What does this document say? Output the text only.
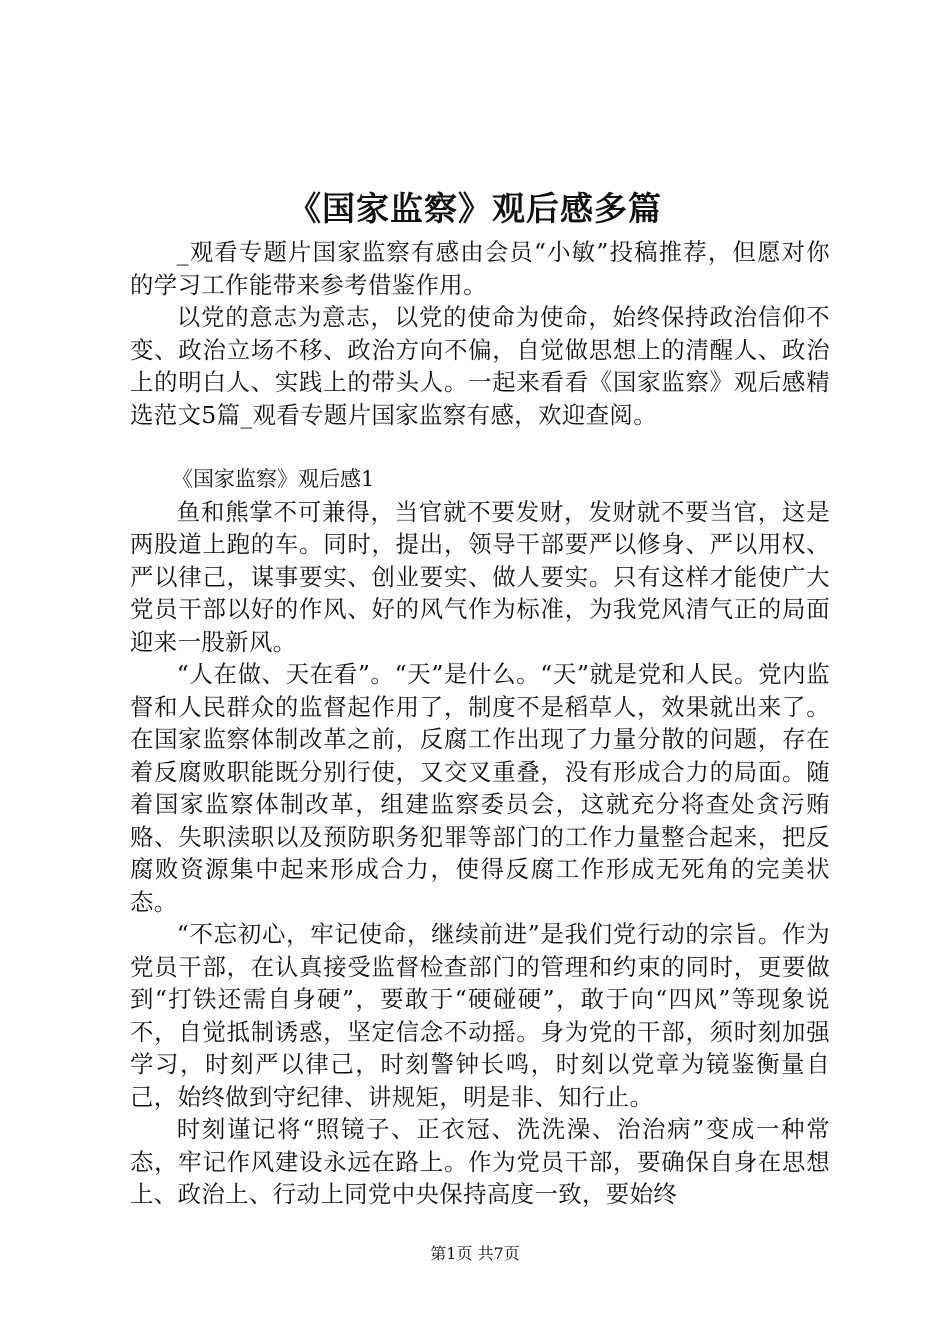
《国家监察》观后感多篇

_观看专题片国家监察有感由会员“小敏”投稿推荐，但愿对你的学习工作能带来参考借鉴作用。

以党的意志为意志，以党的使命为使命，始终保持政治信仰不变、政治立场不移、政治方向不偏，自觉做思想上的清醒人、政治上的明白人、实践上的带头人。一起来看看《国家监察》观后感精选范文5篇_观看专题片国家监察有感，欢迎查阅。

《国家监察》观后感1

鱼和熊掌不可兼得，当官就不要发财，发财就不要当官，这是两股道上跑的车。同时，提出，领导干部要严以修身、严以用权、严以律己，谋事要实、创业要实、做人要实。只有这样才能使广大党员干部以好的作风、好的风气作为标准，为我党风清气正的局面迎来一股新风。

“人在做、天在看”。“天”是什么。“天”就是党和人民。党内监督和人民群众的监督起作用了，制度不是稻草人，效果就出来了。在国家监察体制改革之前，反腐工作出现了力量分散的问题，存在着反腐败职能既分别行使，又交叉重叠，没有形成合力的局面。随着国家监察体制改革，组建监察委员会，这就充分将查处贪污贿赂、失职渎职以及预防职务犯罪等部门的工作力量整合起来，把反腐败资源集中起来形成合力，使得反腐工作形成无死角的完美状态。

“不忘初心，牢记使命，继续前进”是我们党行动的宗旨。作为党员干部，在认真接受监督检查部门的管理和约束的同时，更要做到“打铁还需自身硬”，要敢于“硬碰硬”，敢于向“四风”等现象说不，自觉抵制诱惑，坚定信念不动摇。身为党的干部，须时刻加强学习，时刻严以律己，时刻警钟长鸣，时刻以党章为镜鉴衡量自己，始终做到守纪律、讲规矩，明是非、知行止。

时刻谨记将“照镜子、正衣冠、洗洗澡、治治病”变成一种常态，牢记作风建设永远在路上。作为党员干部，要确保自身在思想上、政治上、行动上同党中央保持高度一致，要始终

第1页 共7页
